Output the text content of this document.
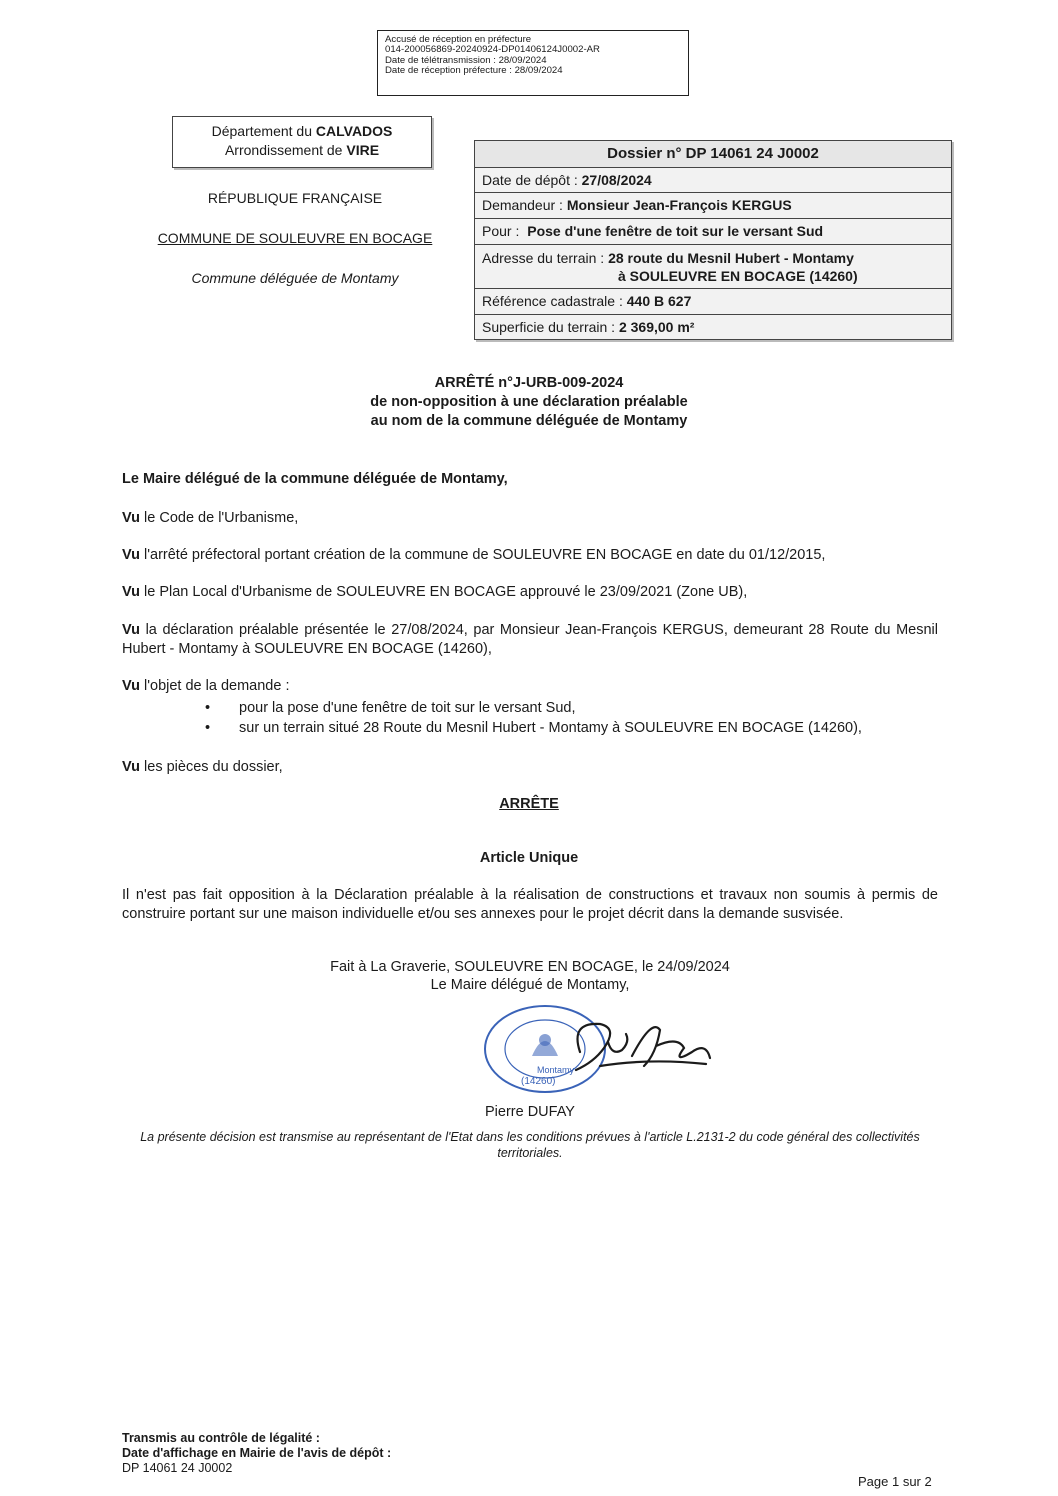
Accusé de réception en préfecture
014-200056869-20240924-DP01406124J0002-AR
Date de télétransmission : 28/09/2024
Date de réception préfecture : 28/09/2024
Département du CALVADOS
Arrondissement de VIRE
RÉPUBLIQUE FRANÇAISE
COMMUNE DE SOULEUVRE EN BOCAGE
Commune déléguée de Montamy
Dossier n° DP 14061 24 J0002
Date de dépôt : 27/08/2024
Demandeur : Monsieur Jean-François KERGUS
Pour : Pose d'une fenêtre de toit sur le versant Sud
Adresse du terrain : 28 route du Mesnil Hubert - Montamy
à SOULEUVRE EN BOCAGE (14260)
Référence cadastrale : 440 B 627
Superficie du terrain : 2 369,00 m²
ARRÊTÉ n°J-URB-009-2024
de non-opposition à une déclaration préalable
au nom de la commune déléguée de Montamy
Le Maire délégué de la commune déléguée de Montamy,
Vu le Code de l'Urbanisme,
Vu l'arrêté préfectoral portant création de la commune de SOULEUVRE EN BOCAGE en date du 01/12/2015,
Vu le Plan Local d'Urbanisme de SOULEUVRE EN BOCAGE approuvé le 23/09/2021 (Zone UB),
Vu la déclaration préalable présentée le 27/08/2024, par Monsieur Jean-François KERGUS, demeurant 28 Route du Mesnil Hubert - Montamy à SOULEUVRE EN BOCAGE (14260),
Vu l'objet de la demande :
• pour la pose d'une fenêtre de toit sur le versant Sud,
• sur un terrain situé 28 Route du Mesnil Hubert - Montamy à SOULEUVRE EN BOCAGE (14260),
Vu les pièces du dossier,
ARRÊTE
Article Unique
Il n'est pas fait opposition à la Déclaration préalable à la réalisation de constructions et travaux non soumis à permis de construire portant sur une maison individuelle et/ou ses annexes pour le projet décrit dans la demande susvisée.
Fait à La Graverie, SOULEUVRE EN BOCAGE, le 24/09/2024
Le Maire délégué de Montamy,
Montamy
(14260)
Pierre DUFAY
La présente décision est transmise au représentant de l'Etat dans les conditions prévues à l'article L.2131-2 du code général des collectivités territoriales.
Transmis au contrôle de légalité :
Date d'affichage en Mairie de l'avis de dépôt :
DP 14061 24 J0002
Page 1 sur 2
